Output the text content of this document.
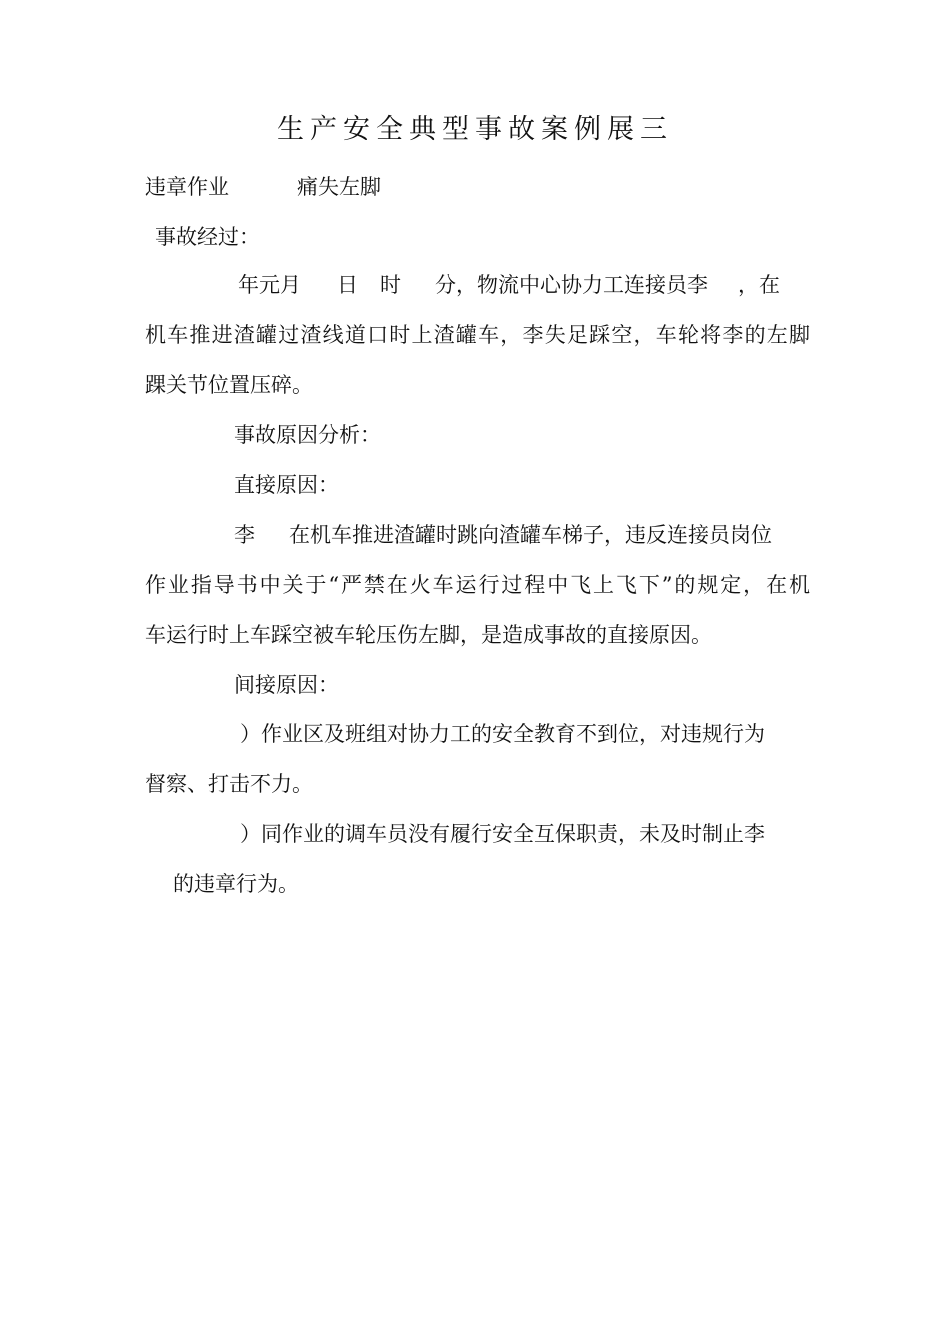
生产安全典型事故案例展三
违章作业	痛失左脚
事故经过：
年元月 日 时 分，物流中心协力工连接员李 ，在
机车推进渣罐过渣线道口时上渣罐车，李失足踩空，车轮将李的左脚
踝关节位置压碎。
事故原因分析：
直接原因：
李 在机车推进渣罐时跳向渣罐车梯子，违反连接员岗位
作业指导书中关于“严禁在火车运行过程中飞上飞下”的规定，在机
车运行时上车踩空被车轮压伤左脚，是造成事故的直接原因。
间接原因：
）作业区及班组对协力工的安全教育不到位，对违规行为
督察、打击不力。
）同作业的调车员没有履行安全互保职责，未及时制止李
的违章行为。
